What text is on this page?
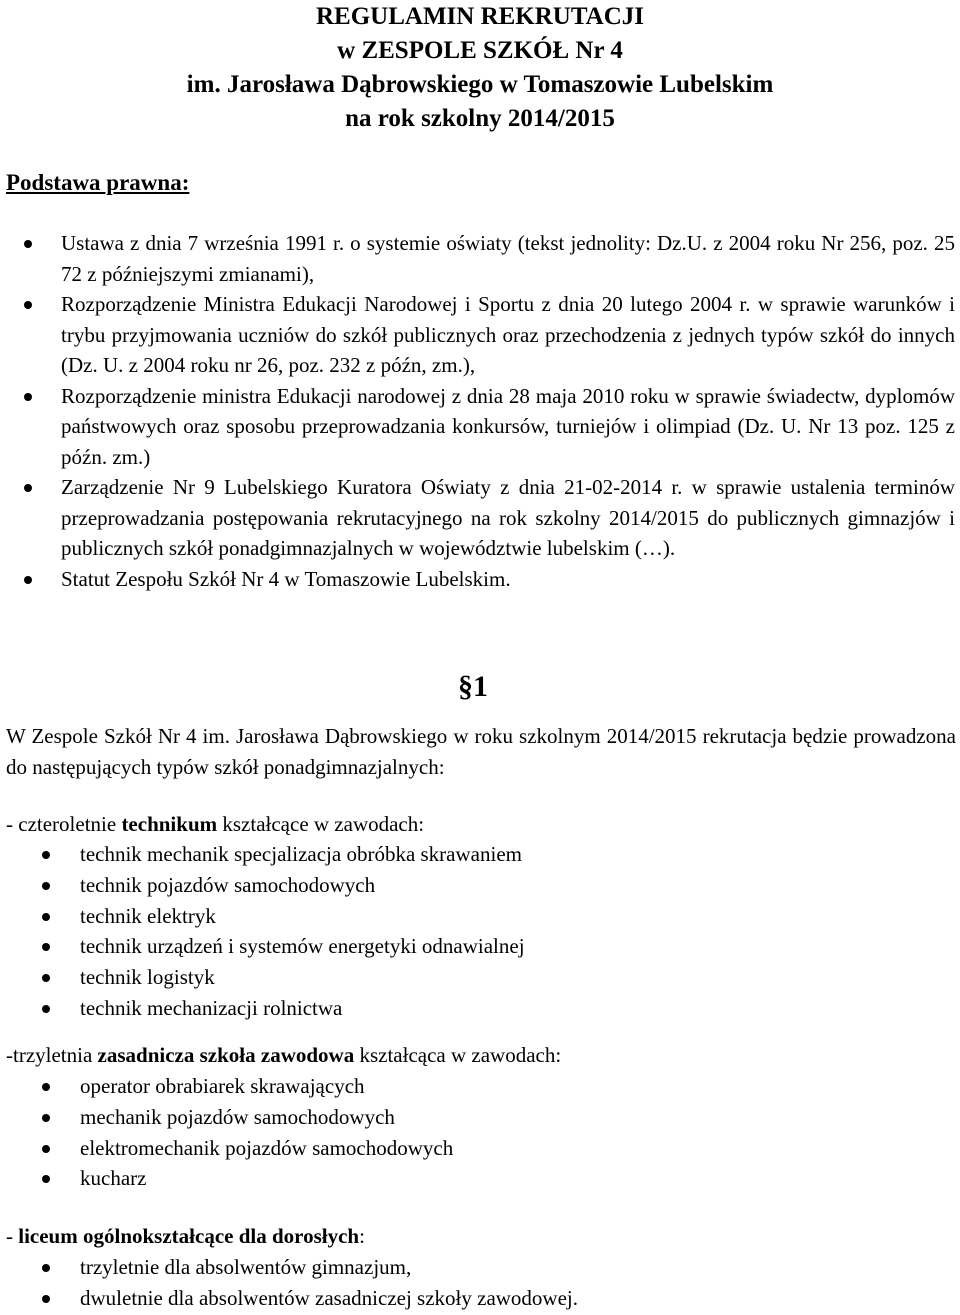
REGULAMIN REKRUTACJI
w ZESPOLE SZKÓŁ Nr 4
im. Jarosława Dąbrowskiego w Tomaszowie Lubelskim
na rok szkolny 2014/2015
Podstawa prawna:
Ustawa z dnia 7 września 1991 r. o systemie oświaty (tekst jednolity: Dz.U. z 2004 roku Nr 256, poz. 25 72 z późniejszymi zmianami),
Rozporządzenie Ministra Edukacji Narodowej i Sportu z dnia 20 lutego 2004 r. w sprawie warunków i trybu przyjmowania uczniów do szkół publicznych oraz przechodzenia z jednych typów szkół do innych (Dz. U. z 2004 roku nr 26, poz. 232 z późn, zm.),
Rozporządzenie ministra Edukacji narodowej z dnia 28 maja 2010 roku w sprawie świadectw, dyplomów państwowych oraz sposobu przeprowadzania konkursów, turniejów i olimpiad (Dz. U. Nr 13 poz. 125 z późn. zm.)
Zarządzenie Nr 9 Lubelskiego Kuratora Oświaty z dnia 21-02-2014 r. w sprawie ustalenia terminów przeprowadzania postępowania rekrutacyjnego na rok szkolny 2014/2015 do publicznych gimnazjów i publicznych szkół ponadgimnazjalnych w województwie lubelskim (…).
Statut Zespołu Szkół Nr 4 w Tomaszowie Lubelskim.
§1

W Zespole Szkół Nr 4 im. Jarosława Dąbrowskiego w roku szkolnym 2014/2015 rekrutacja będzie prowadzona do następujących typów szkół ponadgimnazjalnych:

- czteroletnie technikum kształcące w zawodach:

technik mechanik specjalizacja obróbka skrawaniem
technik pojazdów samochodowych
technik elektryk
technik urządzeń i systemów energetyki odnawialnej
technik logistyk
technik mechanizacji rolnictwa

-trzyletnia zasadnicza szkoła zawodowa kształcąca w zawodach:

operator obrabiarek skrawających
mechanik pojazdów samochodowych
elektromechanik pojazdów samochodowych
kucharz

- liceum ogólnokształcące dla dorosłych:

trzyletnie dla absolwentów gimnazjum,
dwuletnie dla absolwentów zasadniczej szkoły zawodowej.
